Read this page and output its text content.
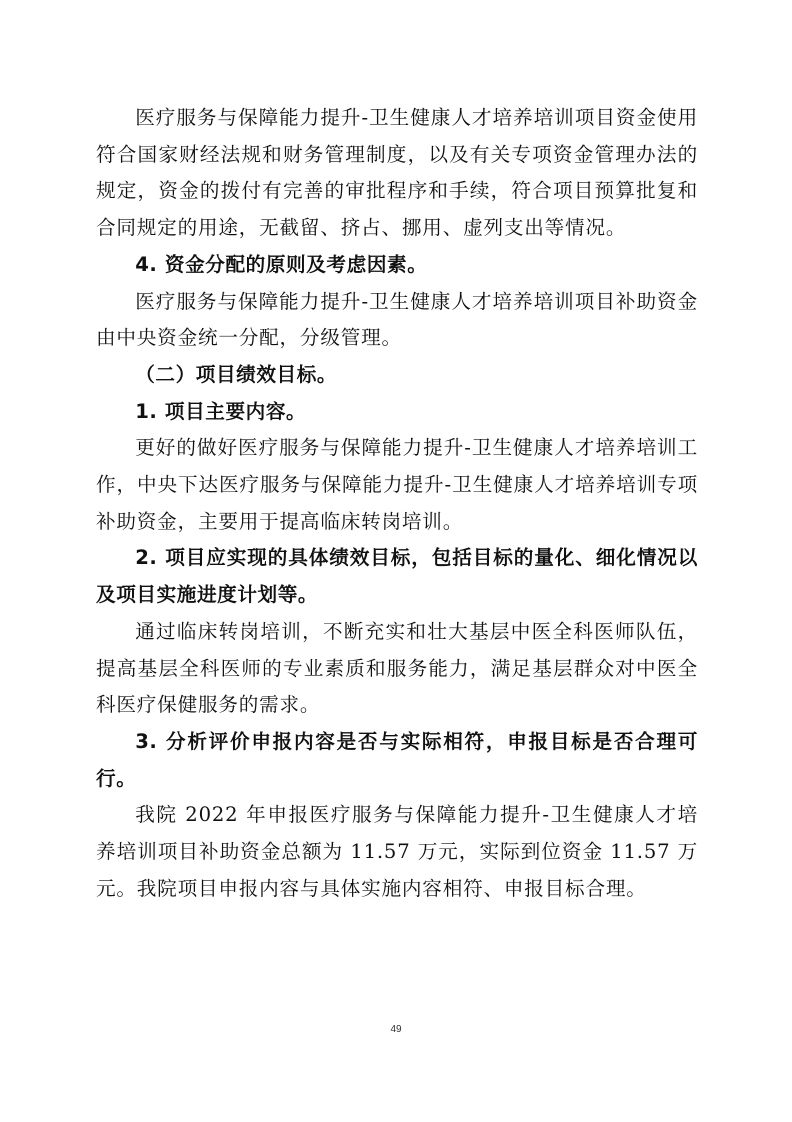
医疗服务与保障能力提升-卫生健康人才培养培训项目资金使用符合国家财经法规和财务管理制度，以及有关专项资金管理办法的规定，资金的拨付有完善的审批程序和手续，符合项目预算批复和合同规定的用途，无截留、挤占、挪用、虚列支出等情况。

4. 资金分配的原则及考虑因素。

医疗服务与保障能力提升-卫生健康人才培养培训项目补助资金由中央资金统一分配，分级管理。

（二）项目绩效目标。

1. 项目主要内容。

更好的做好医疗服务与保障能力提升-卫生健康人才培养培训工作，中央下达医疗服务与保障能力提升-卫生健康人才培养培训专项补助资金，主要用于提高临床转岗培训。

2. 项目应实现的具体绩效目标，包括目标的量化、细化情况以及项目实施进度计划等。

通过临床转岗培训，不断充实和壮大基层中医全科医师队伍，提高基层全科医师的专业素质和服务能力，满足基层群众对中医全科医疗保健服务的需求。

3. 分析评价申报内容是否与实际相符，申报目标是否合理可行。

我院 2022 年申报医疗服务与保障能力提升-卫生健康人才培养培训项目补助资金总额为 11.57 万元，实际到位资金 11.57 万元。我院项目申报内容与具体实施内容相符、申报目标合理。

49
